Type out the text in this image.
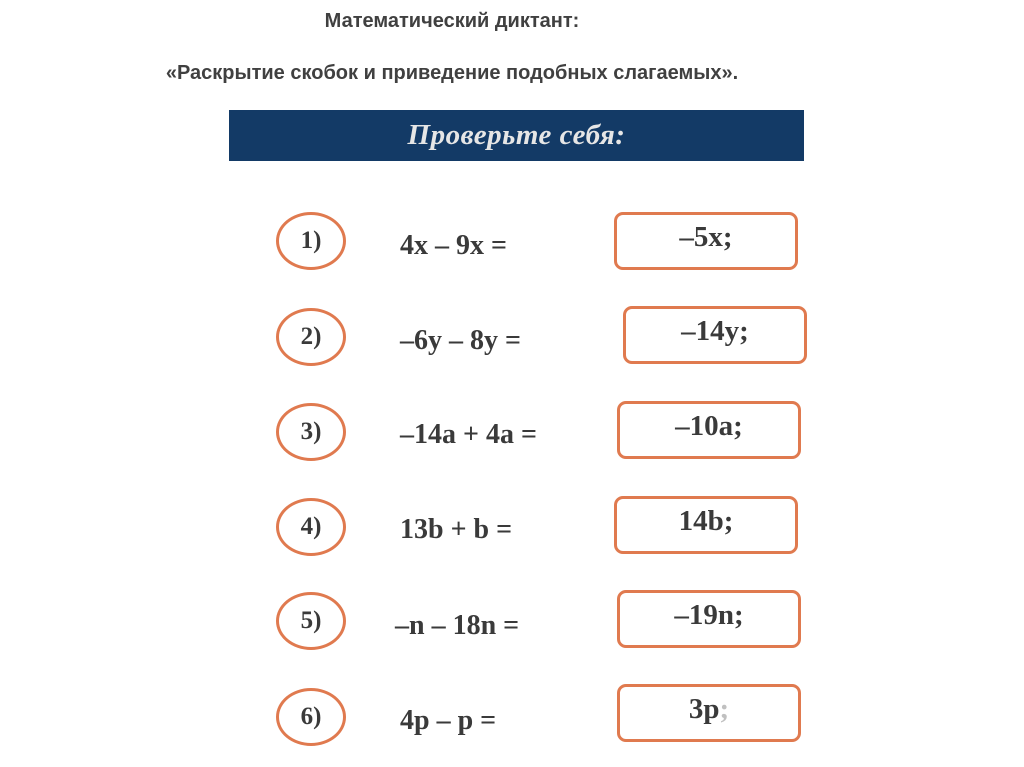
Математический диктант:
«Раскрытие скобок и приведение подобных слагаемых».
Проверьте себя:
1)	4x – 9x =	–5x;
2)	–6y – 8y =	–14y;
3)	–14a + 4a =	–10a;
4)	13b + b =	14b;
5)	–n – 18n =	–19n;
6)	4p – p =	3p ;
